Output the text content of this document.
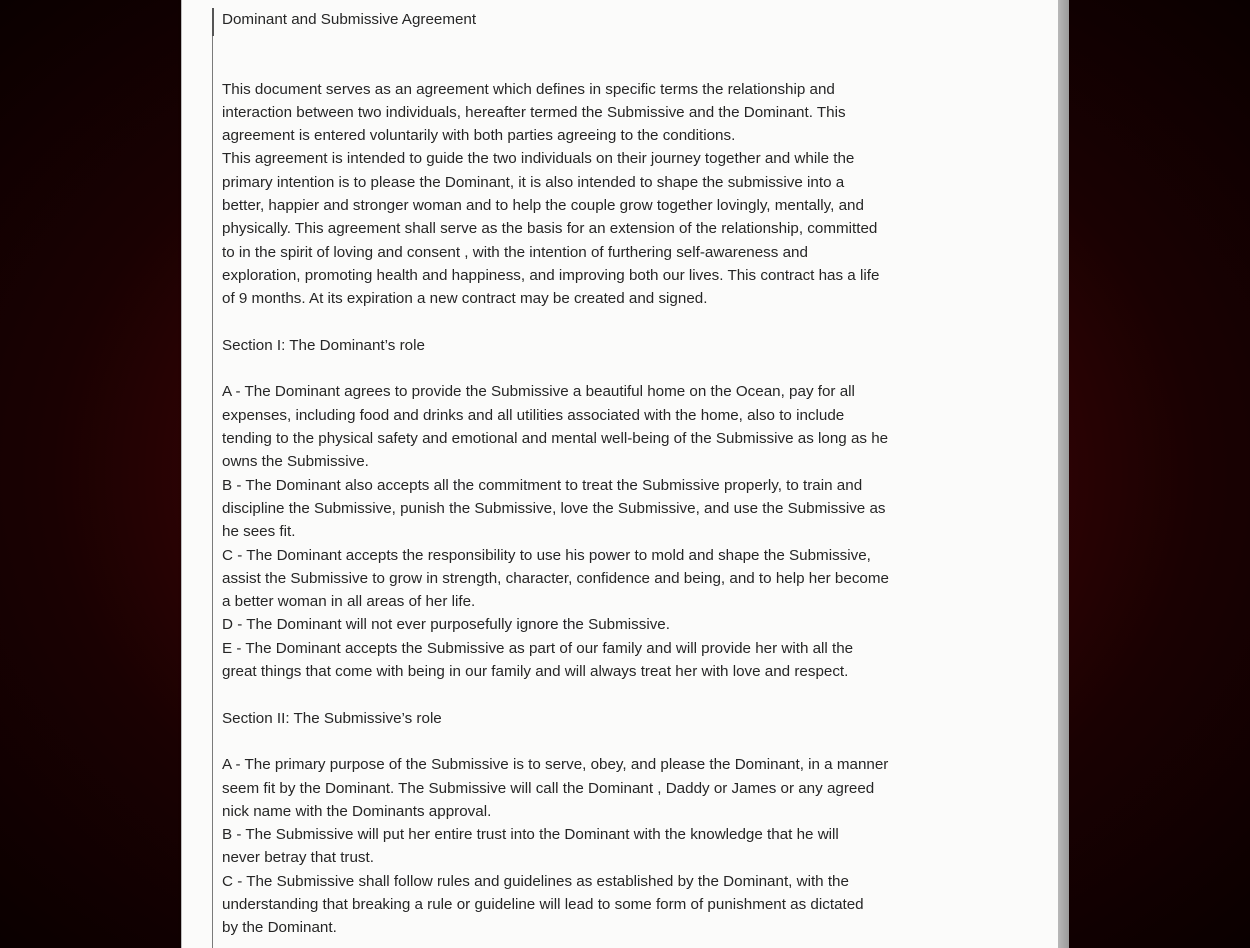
Dominant and Submissive Agreement

This document serves as an agreement which defines in specific terms the relationship and

interaction between two individuals, hereafter termed the Submissive and the Dominant. This

agreement is entered voluntarily with both parties agreeing to the conditions.

This agreement is intended to guide the two individuals on their journey together and while the

primary intention is to please the Dominant, it is also intended to shape the submissive into a

better, happier and stronger woman and to help the couple grow together lovingly, mentally, and

physically. This agreement shall serve as the basis for an extension of the relationship, committed

to in the spirit of loving and consent , with the intention of furthering self-awareness and

exploration, promoting health and happiness, and improving both our lives. This contract has a life

of 9 months. At its expiration a new contract may be created and signed.

Section I: The Dominant’s role

A - The Dominant agrees to provide the Submissive a beautiful home on the Ocean, pay for all

expenses, including food and drinks and all utilities associated with the home, also to include

tending to the physical safety and emotional and mental well-being of the Submissive as long as he

owns the Submissive.

B - The Dominant also accepts all the commitment to treat the Submissive properly, to train and

discipline the Submissive, punish the Submissive, love the Submissive, and use the Submissive as

he sees fit.

C - The Dominant accepts the responsibility to use his power to mold and shape the Submissive,

assist the Submissive to grow in strength, character, confidence and being, and to help her become

a better woman in all areas of her life.

D - The Dominant will not ever purposefully ignore the Submissive.

E - The Dominant accepts the Submissive as part of our family and will provide her with all the

great things that come with being in our family and will always treat her with love and respect.

Section II: The Submissive’s role

A - The primary purpose of the Submissive is to serve, obey, and please the Dominant, in a manner

seem fit by the Dominant. The Submissive will call the Dominant , Daddy or James or any agreed

nick name with the Dominants approval.

B - The Submissive will put her entire trust into the Dominant with the knowledge that he will

never betray that trust.

C - The Submissive shall follow rules and guidelines as established by the Dominant, with the

understanding that breaking a rule or guideline will lead to some form of punishment as dictated

by the Dominant.
